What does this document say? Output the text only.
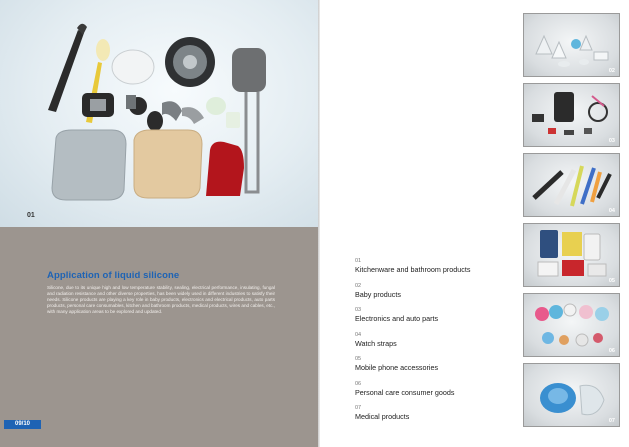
01
Application of liquid silicone
Silicone, due to its unique high and low temperature stability, sealing, electrical performance, insulating, fungal and radiation resistance and other diverse properties, has been widely used in different industries to satisfy their needs. Silicone products are playing a key role in baby products, electronics and electrical products, auto parts products, personal care consumables, kitchen and bathroom products, medical products, wires and cables, etc., with many application areas to be explored and updated.
09/10
01
Kitchenware and bathroom products
02
Baby products
03
Electronics and auto parts
04
Watch straps
05
Mobile phone accessories
06
Personal care consumer goods
07
Medical products
02
03
04
05
06
07
